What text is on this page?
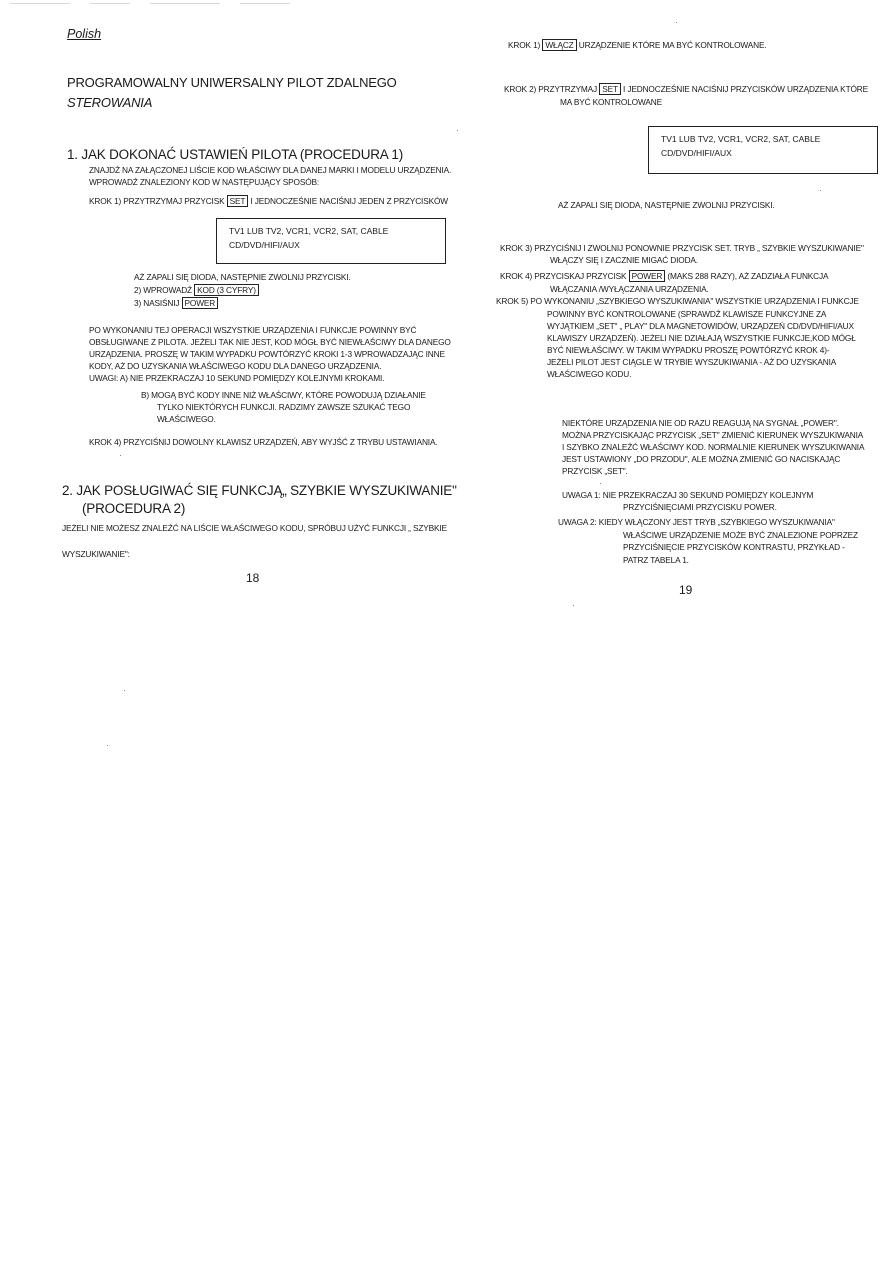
Polish
PROGRAMOWALNY UNIWERSALNY PILOT ZDALNEGO
STEROWANIA
1. JAK DOKONAĆ USTAWIEŃ PILOTA (PROCEDURA 1)
ZNAJDŹ NA ZAŁĄCZONEJ LIŚCIE KOD WŁAŚCIWY DLA DANEJ MARKI I MODELU URZĄDZENIA.
WPROWADŹ ZNALEZIONY KOD W NASTĘPUJĄCY SPOSÓB:
KROK 1) PRZYTRZYMAJ PRZYCISK SET I JEDNOCZEŚNIE NACIŚNIJ JEDEN Z PRZYCISKÓW
TV1 LUB TV2, VCR1, VCR2, SAT, CABLE
CD/DVD/HIFI/AUX
AŻ ZAPALI SIĘ DIODA, NASTĘPNIE ZWOLNIJ PRZYCISKI.
2) WPROWADŹ KOD (3 CYFRY)
3) NASIŚNIJ POWER
PO WYKONANIU TEJ OPERACJI WSZYSTKIE URZĄDZENIA I FUNKCJE POWINNY BYĆ
OBSŁUGIWANE Z PILOTA. JEŻELI TAK NIE JEST, KOD MÓGŁ BYĆ NIEWŁAŚCIWY DLA DANEGO
URZĄDZENIA. PROSZĘ W TAKIM WYPADKU POWTÓRZYĆ KROKI 1-3 WPROWADZAJĄC INNE
KODY, AŻ DO UZYSKANIA WŁAŚCIWEGO KODU DLA DANEGO URZĄDZENIA.
UWAGI: A) NIE PRZEKRACZAJ 10 SEKUND POMIĘDZY KOLEJNYMI KROKAMI.
B) MOGĄ BYĆ KODY INNE NIŻ WŁAŚCIWY, KTÓRE POWODUJĄ DZIAŁANIE
TYLKO NIEKTÓRYCH FUNKCJI. RADZIMY ZAWSZE SZUKAĆ TEGO
WŁAŚCIWEGO.
KROK 4) PRZYCIŚNIJ DOWOLNY KLAWISZ URZĄDZEŃ, ABY WYJŚĆ Z TRYBU USTAWIANIA.
2. JAK POSŁUGIWAĆ SIĘ FUNKCJĄ„ SZYBKIE WYSZUKIWANIE"
(PROCEDURA 2)
JEŻELI NIE MOŻESZ ZNALEŹĆ NA LIŚCIE WŁAŚCIWEGO KODU, SPRÓBUJ UŻYĆ FUNKCJI „ SZYBKIE
WYSZUKIWANIE":
18
KROK 1) WŁĄCZ URZĄDZENIE KTÓRE MA BYĆ KONTROLOWANE.
KROK 2) PRZYTRZYMAJ SET I JEDNOCZEŚNIE NACIŚNIJ PRZYCISKÓW URZĄDZENIA KTÓRE
MA BYĆ KONTROLOWANE
TV1 LUB TV2, VCR1, VCR2, SAT, CABLE
CD/DVD/HIFI/AUX
AŻ ZAPALI SIĘ DIODA, NASTĘPNIE ZWOLNIJ PRZYCISKI.
KROK 3) PRZYCIŚNIJ I ZWOLNIJ PONOWNIE PRZYCISK SET. TRYB „ SZYBKIE WYSZUKIWANIE"
WŁĄCZY SIĘ I ZACZNIE MIGAĆ DIODA.
KROK 4) PRZYCISKAJ PRZYCISK POWER (MAKS 288 RAZY), AŻ ZADZIAŁA FUNKCJA
WŁĄCZANIA /WYŁĄCZANIA URZĄDZENIA.
KROK 5) PO WYKONANIU „SZYBKIEGO WYSZUKIWANIA" WSZYSTKIE URZĄDZENIA I FUNKCJE
POWINNY BYĆ KONTROLOWANE (SPRAWDŹ KLAWISZE FUNKCYJNE ZA
WYJĄTKIEM „SET" „ PLAY" DLA MAGNETOWIDÓW, URZĄDZEŃ CD/DVD/HIFI/AUX
KLAWISZY URZĄDZEŃ). JEŻELI NIE DZIAŁAJĄ WSZYSTKIE FUNKCJE,KOD MÓGŁ
BYĆ NIEWŁAŚCIWY. W TAKIM WYPADKU PROSZĘ POWTÓRZYĆ KROK 4)-
JEŻELI PILOT JEST CIĄGLE W TRYBIE WYSZUKIWANIA - AŻ DO UZYSKANIA
WŁAŚCIWEGO KODU.
NIEKTÓRE URZĄDZENIA NIE OD RAZU REAGUJĄ NA SYGNAŁ „POWER".
MOŻNA PRZYCISKAJĄC PRZYCISK „SET" ZMIENIĆ KIERUNEK WYSZUKIWANIA
I SZYBKO ZNALEŹĆ WŁAŚCIWY KOD. NORMALNIE KIERUNEK WYSZUKIWANIA
JEST USTAWIONY „DO PRZODU", ALE MOŻNA ZMIENIĆ GO NACISKAJĄC
PRZYCISK „SET".
UWAGA 1: NIE PRZEKRACZAJ 30 SEKUND POMIĘDZY KOLEJNYM
PRZYCIŚNIĘCIAMI PRZYCISKU POWER.
UWAGA 2: KIEDY WŁĄCZONY JEST TRYB „SZYBKIEGO WYSZUKIWANIA"
WŁAŚCIWE URZĄDZENIE MOŻE BYĆ ZNALEZIONE POPRZEZ
PRZYCIŚNIĘCIE PRZYCISKÓW KONTRASTU, PRZYKŁAD -
PATRZ TABELA 1.
19
